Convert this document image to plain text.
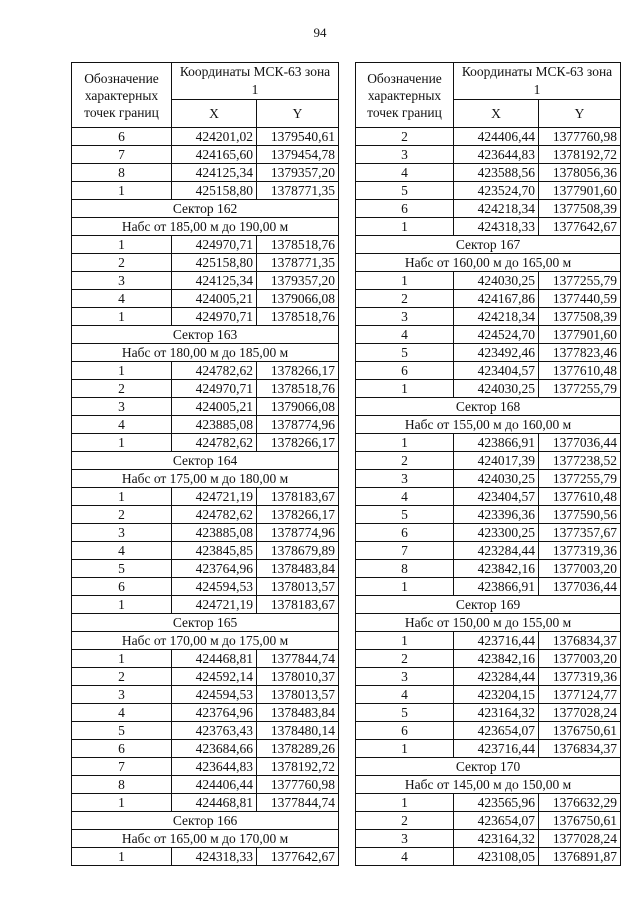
94
Обозначение характерных точек границ	Координаты МСК-63 зона 1	
	X	Y
6	424201,02	1379540,61
7	424165,60	1379454,78
8	424125,34	1379357,20
1	425158,80	1378771,35
Сектор 162		
Набс от 185,00 м до 190,00 м		
1	424970,71	1378518,76
2	425158,80	1378771,35
3	424125,34	1379357,20
4	424005,21	1379066,08
1	424970,71	1378518,76
Сектор 163		
Набс от 180,00 м до 185,00 м		
1	424782,62	1378266,17
2	424970,71	1378518,76
3	424005,21	1379066,08
4	423885,08	1378774,96
1	424782,62	1378266,17
Сектор 164		
Набс от 175,00 м до 180,00 м		
1	424721,19	1378183,67
2	424782,62	1378266,17
3	423885,08	1378774,96
4	423845,85	1378679,89
5	423764,96	1378483,84
6	424594,53	1378013,57
1	424721,19	1378183,67
Сектор 165		
Набс от 170,00 м до 175,00 м		
1	424468,81	1377844,74
2	424592,14	1378010,37
3	424594,53	1378013,57
4	423764,96	1378483,84
5	423763,43	1378480,14
6	423684,66	1378289,26
7	423644,83	1378192,72
8	424406,44	1377760,98
1	424468,81	1377844,74
Сектор 166		
Набс от 165,00 м до 170,00 м		
1	424318,33	1377642,67
Обозначение характерных точек границ	Координаты МСК-63 зона 1	
	X	Y
2	424406,44	1377760,98
3	423644,83	1378192,72
4	423588,56	1378056,36
5	423524,70	1377901,60
6	424218,34	1377508,39
1	424318,33	1377642,67
Сектор 167		
Набс от 160,00 м до 165,00 м		
1	424030,25	1377255,79
2	424167,86	1377440,59
3	424218,34	1377508,39
4	424524,70	1377901,60
5	423492,46	1377823,46
6	423404,57	1377610,48
1	424030,25	1377255,79
Сектор 168		
Набс от 155,00 м до 160,00 м		
1	423866,91	1377036,44
2	424017,39	1377238,52
3	424030,25	1377255,79
4	423404,57	1377610,48
5	423396,36	1377590,56
6	423300,25	1377357,67
7	423284,44	1377319,36
8	423842,16	1377003,20
1	423866,91	1377036,44
Сектор 169		
Набс от 150,00 м до 155,00 м		
1	423716,44	1376834,37
2	423842,16	1377003,20
3	423284,44	1377319,36
4	423204,15	1377124,77
5	423164,32	1377028,24
6	423654,07	1376750,61
1	423716,44	1376834,37
Сектор 170		
Набс от 145,00 м до 150,00 м		
1	423565,96	1376632,29
2	423654,07	1376750,61
3	423164,32	1377028,24
4	423108,05	1376891,87
